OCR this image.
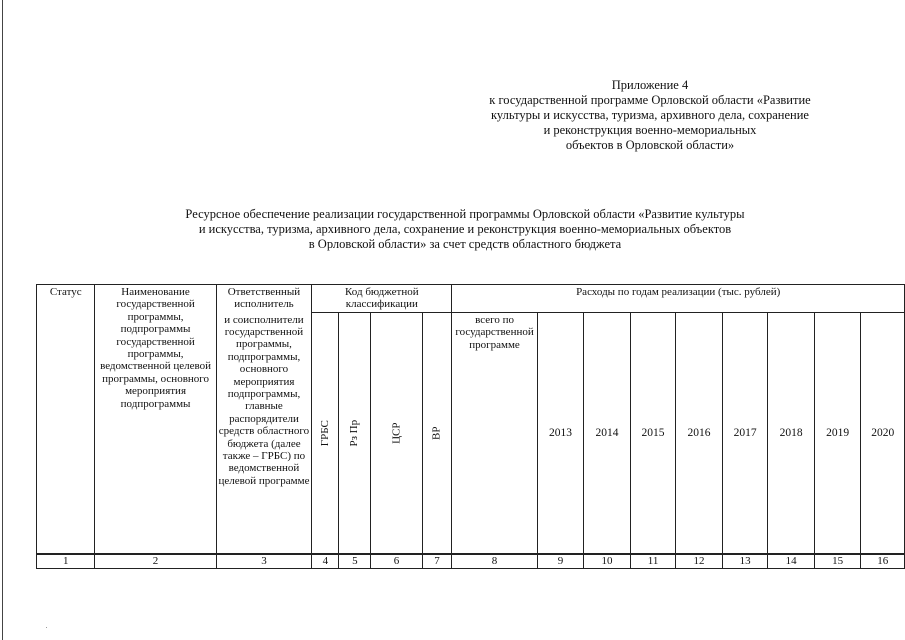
Приложение 4
к государственной программе Орловской области «Развитие
культуры и искусства, туризма, архивного дела, сохранение
и реконструкция военно-мемориальных
объектов в Орловской области»
Ресурсное обеспечение реализации государственной программы Орловской области «Развитие культуры
и искусства, туризма, архивного дела, сохранение и реконструкция военно-мемориальных объектов
в Орловской области» за счет средств областного бюджета
Статус	Наименование государственной программы, подпрограммы государственной программы, ведомственной целевой программы, основного мероприятия подпрограммы	Ответственный исполнитель	Код бюджетной классификации				Расходы по годам реализации (тыс. рублей)								

		и соисполнители государственной программы, подпрограммы, основного мероприятия подпрограммы, главные распорядители средств областного бюджета (далее также – ГРБС) по ведомственной целевой программе	ГРБС	Рз Пр	ЦСР	ВР	всего по государственной программе	2013	2014	2015	2016	2017	2018	2019	2020

1	2	3	4	5	6	7	8	9	10	11	12	13	14	15	16
